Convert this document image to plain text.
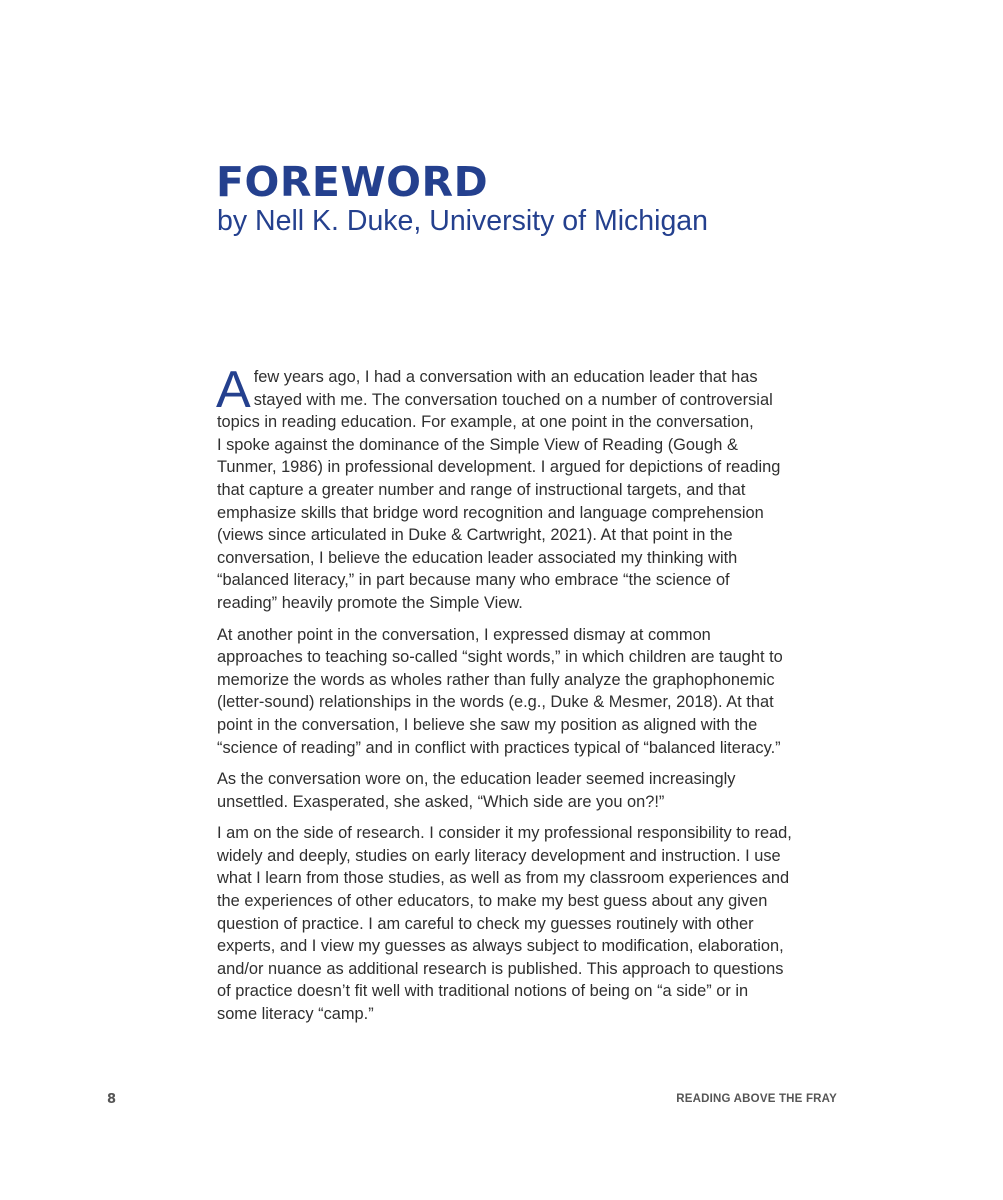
FOREWORD
by Nell K. Duke, University of Michigan

A few years ago, I had a conversation with an education leader that has
stayed with me. The conversation touched on a number of controversial
topics in reading education. For example, at one point in the conversation,
I spoke against the dominance of the Simple View of Reading (Gough &
Tunmer, 1986) in professional development. I argued for depictions of reading
that capture a greater number and range of instructional targets, and that
emphasize skills that bridge word recognition and language comprehension
(views since articulated in Duke & Cartwright, 2021). At that point in the
conversation, I believe the education leader associated my thinking with
“balanced literacy,” in part because many who embrace “the science of
reading” heavily promote the Simple View.

At another point in the conversation, I expressed dismay at common
approaches to teaching so-called “sight words,” in which children are taught to
memorize the words as wholes rather than fully analyze the graphophonemic
(letter-sound) relationships in the words (e.g., Duke & Mesmer, 2018). At that
point in the conversation, I believe she saw my position as aligned with the
“science of reading” and in conflict with practices typical of “balanced literacy.”

As the conversation wore on, the education leader seemed increasingly
unsettled. Exasperated, she asked, “Which side are you on?!”

I am on the side of research. I consider it my professional responsibility to read,
widely and deeply, studies on early literacy development and instruction. I use
what I learn from those studies, as well as from my classroom experiences and
the experiences of other educators, to make my best guess about any given
question of practice. I am careful to check my guesses routinely with other
experts, and I view my guesses as always subject to modification, elaboration,
and/or nuance as additional research is published. This approach to questions
of practice doesn’t fit well with traditional notions of being on “a side” or in
some literacy “camp.”

8	READING ABOVE THE FRAY
